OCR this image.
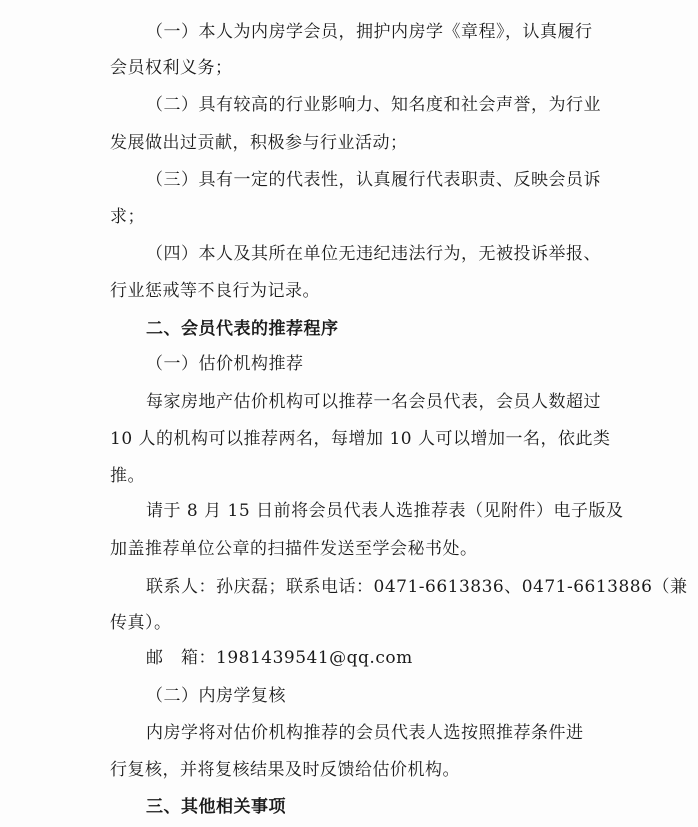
（一）本人为内房学会员，拥护内房学《章程》，认真履行
会员权利义务；
（二）具有较高的行业影响力、知名度和社会声誉，为行业
发展做出过贡献，积极参与行业活动；
（三）具有一定的代表性，认真履行代表职责、反映会员诉
求；
（四）本人及其所在单位无违纪违法行为，无被投诉举报、
行业惩戒等不良行为记录。
二、会员代表的推荐程序
（一）估价机构推荐
每家房地产估价机构可以推荐一名会员代表，会员人数超过
10 人的机构可以推荐两名，每增加 10 人可以增加一名，依此类
推。
请于 8 月 15 日前将会员代表人选推荐表（见附件）电子版及
加盖推荐单位公章的扫描件发送至学会秘书处。
联系人：孙庆磊；联系电话：0471-6613836、0471-6613886（兼
传真）。
邮　箱：1981439541@qq.com
（二）内房学复核
内房学将对估价机构推荐的会员代表人选按照推荐条件进
行复核，并将复核结果及时反馈给估价机构。
三、其他相关事项
